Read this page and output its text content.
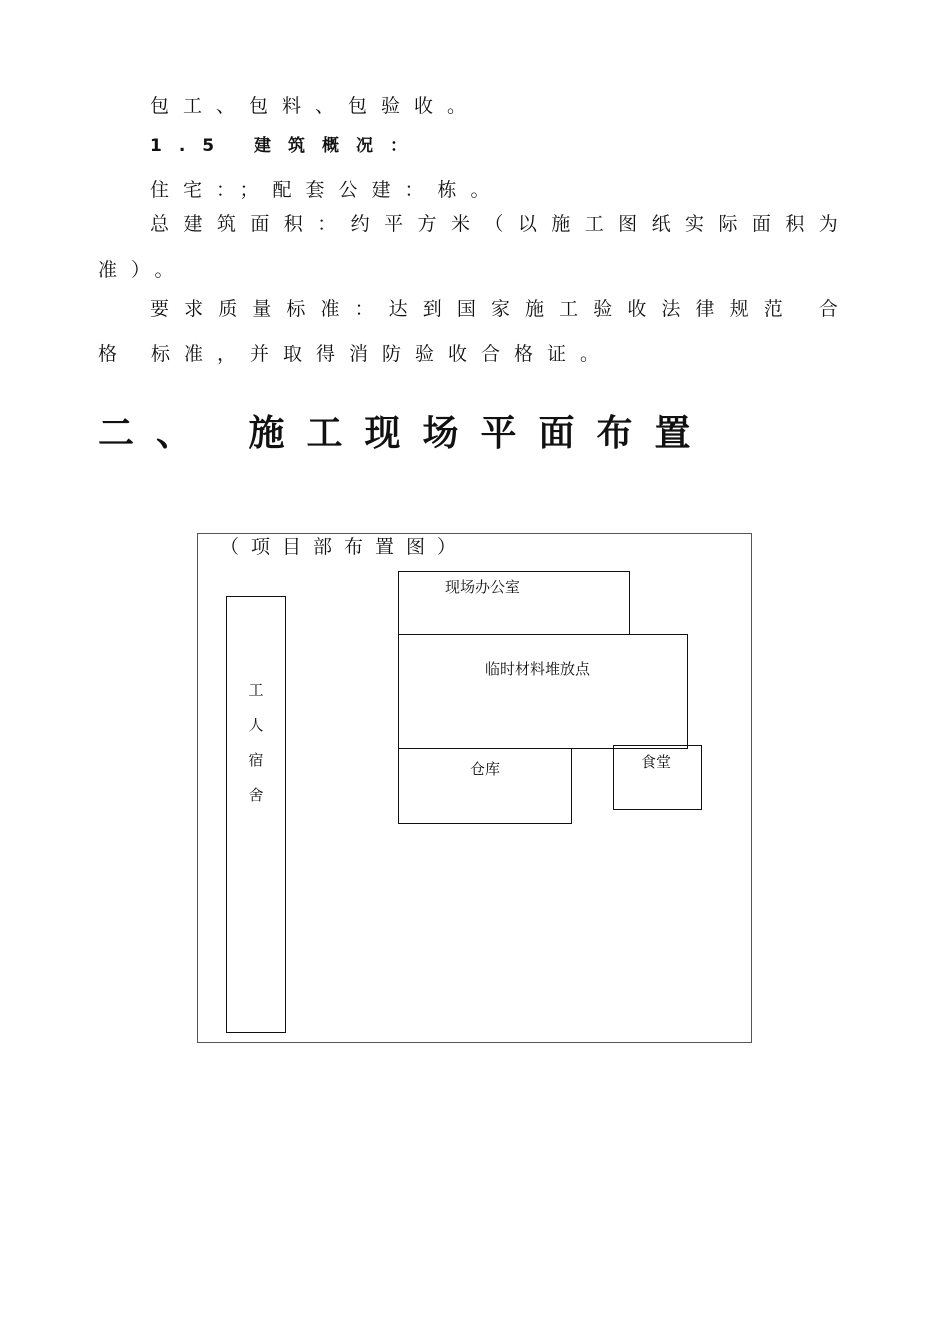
包工、包料、包验收。
1.5 建筑概况：
住宅：；配套公建：栋。
总 建 筑 面 积 ： 约 平 方 米 （ 以 施 工 图 纸 实 际 面 积 为
准）。
要 求 质 量 标 准 ： 达 到 国 家 施 工 验 收 法 律 规 范
合
格 标准，并取得消防验收合格证。
二、 施工现场平面布置
（项目部布置图）
工
人
宿
舍
现场办公室
临时材料堆放点
仓库	食堂
